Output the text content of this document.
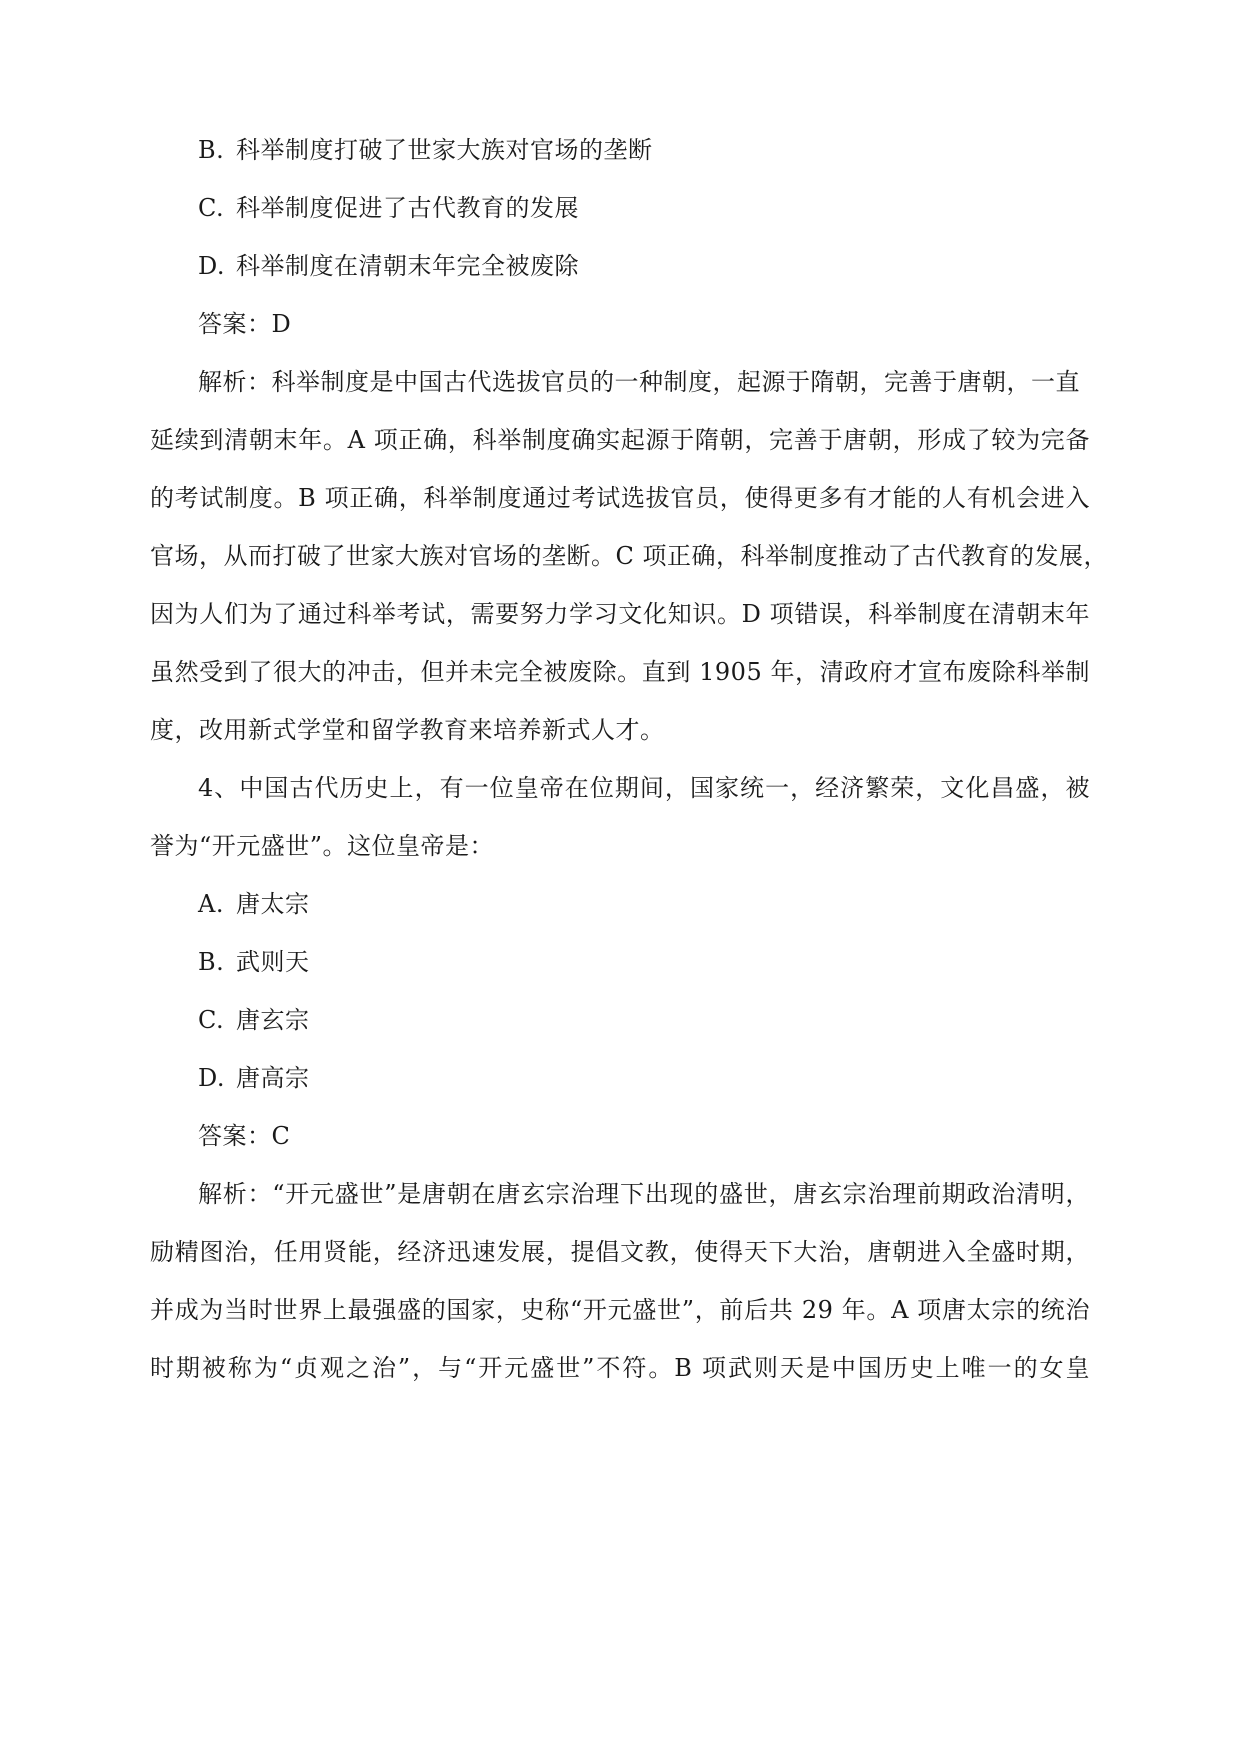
B. 科举制度打破了世家大族对官场的垄断
C. 科举制度促进了古代教育的发展
D. 科举制度在清朝末年完全被废除
答案：D
解析：科举制度是中国古代选拔官员的一种制度，起源于隋朝，完善于唐朝，一直
延续到清朝末年。A 项正确，科举制度确实起源于隋朝，完善于唐朝，形成了较为完备
的考试制度。B 项正确，科举制度通过考试选拔官员，使得更多有才能的人有机会进入
官场，从而打破了世家大族对官场的垄断。C 项正确，科举制度推动了古代教育的发展，
因为人们为了通过科举考试，需要努力学习文化知识。D 项错误，科举制度在清朝末年
虽然受到了很大的冲击，但并未完全被废除。直到 1905 年，清政府才宣布废除科举制
度，改用新式学堂和留学教育来培养新式人才。
4、中国古代历史上，有一位皇帝在位期间，国家统一，经济繁荣，文化昌盛，被
誉为“开元盛世”。这位皇帝是：
A. 唐太宗
B. 武则天
C. 唐玄宗
D. 唐高宗
答案：C
解析：“开元盛世”是唐朝在唐玄宗治理下出现的盛世，唐玄宗治理前期政治清明，
励精图治，任用贤能，经济迅速发展，提倡文教，使得天下大治，唐朝进入全盛时期，
并成为当时世界上最强盛的国家，史称“开元盛世”，前后共 29 年。A 项唐太宗的统治
时期被称为“贞观之治”，与“开元盛世”不符。B 项武则天是中国历史上唯一的女皇
